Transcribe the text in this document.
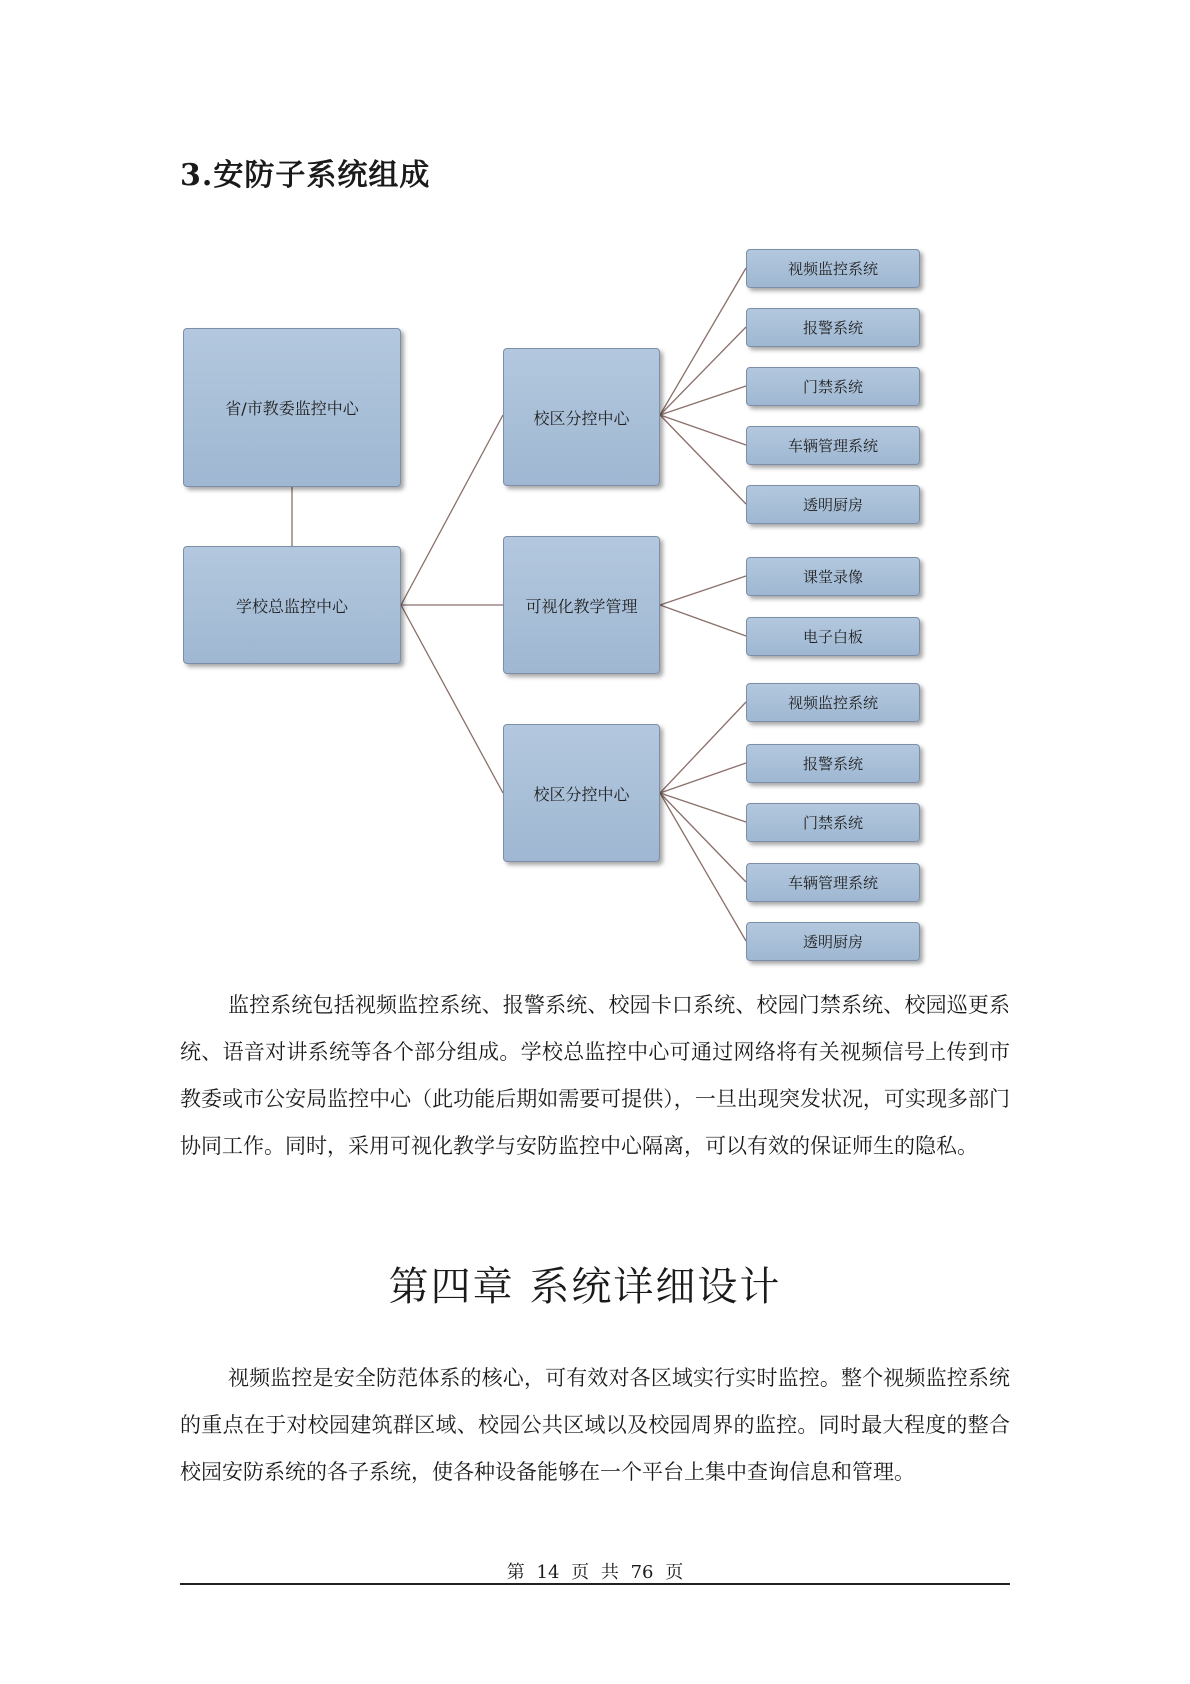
3.安防子系统组成
省/市教委监控中心
学校总监控中心
校区分控中心
可视化教学管理
校区分控中心
视频监控系统
报警系统
门禁系统
车辆管理系统
透明厨房
课堂录像
电子白板
视频监控系统
报警系统
门禁系统
车辆管理系统
透明厨房

监控系统包括视频监控系统、报警系统、校园卡口系统、校园门禁系统、校园巡更系统、语音对讲系统等各个部分组成。学校总监控中心可通过网络将有关视频信号上传到市教委或市公安局监控中心（此功能后期如需要可提供），一旦出现突发状况，可实现多部门协同工作。同时，采用可视化教学与安防监控中心隔离，可以有效的保证师生的隐私。

第四章 系统详细设计

视频监控是安全防范体系的核心，可有效对各区域实行实时监控。整个视频监控系统的重点在于对校园建筑群区域、校园公共区域以及校园周界的监控。同时最大程度的整合校园安防系统的各子系统，使各种设备能够在一个平台上集中查询信息和管理。

第 14 页 共 76 页
